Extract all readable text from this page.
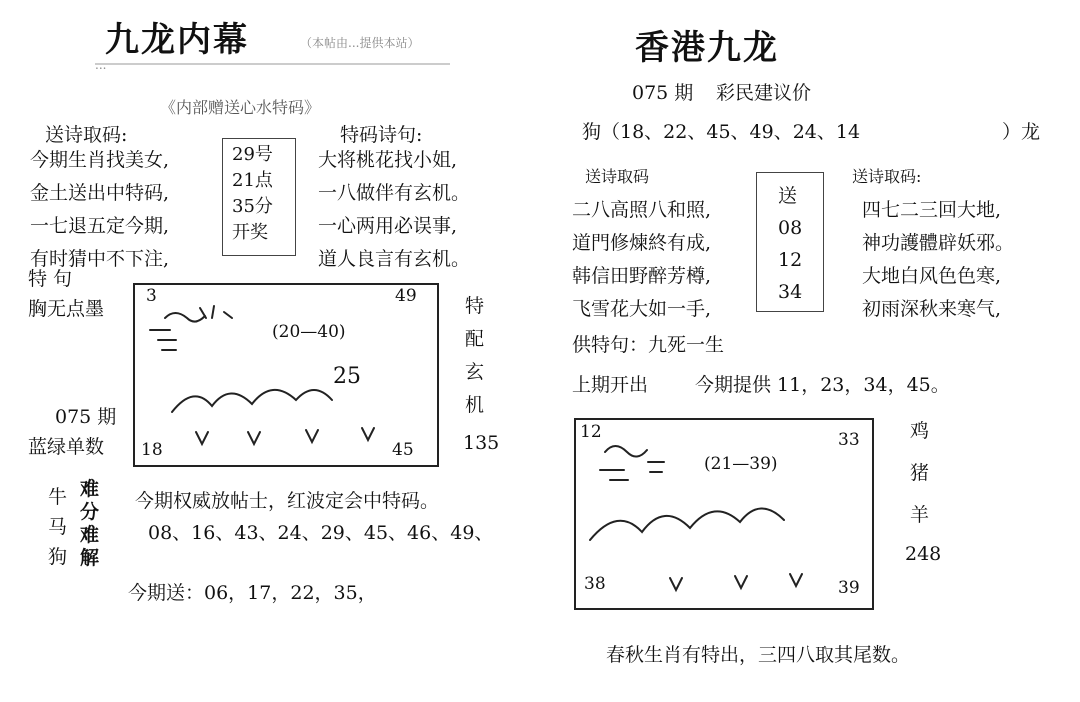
九龙内幕	（本帖由...提供本站）
...
《内部赠送心水特码》
送诗取码:
今期生肖找美女,
金土送出中特码,
一七退五定今期,
有时猜中不下注,
29号
21点
35分
开奖
特码诗句:
大将桃花找小姐,
一八做伴有玄机。
一心两用必误事,
道人良言有玄机。
特 句
胸无点墨
075 期
蓝绿单数
3	49
18	45
(20—40)
25
特
配
玄
机
135
牛
马
狗
难
分
难
解
今期权威放帖士，红波定会中特码。
08、16、43、24、29、45、46、49、
今期送：06，17，22，35，
香港九龙
075 期 彩民建议价
狗（18、22、45、49、24、14	）龙
送诗取码	送诗取码:
二八高照八和照,
道門修煉終有成,
韩信田野醉芳樽,
飞雪花大如一手,
送
08
12
34
四七二三回大地,
神功護體辟妖邪。
大地白风色色寒,
初雨深秋来寒气,
供特句：九死一生
上期开出 今期提供 11，23，34，45。
12	33
38	39
(21—39)
鸡
猪
羊
248
春秋生肖有特出，三四八取其尾数。
